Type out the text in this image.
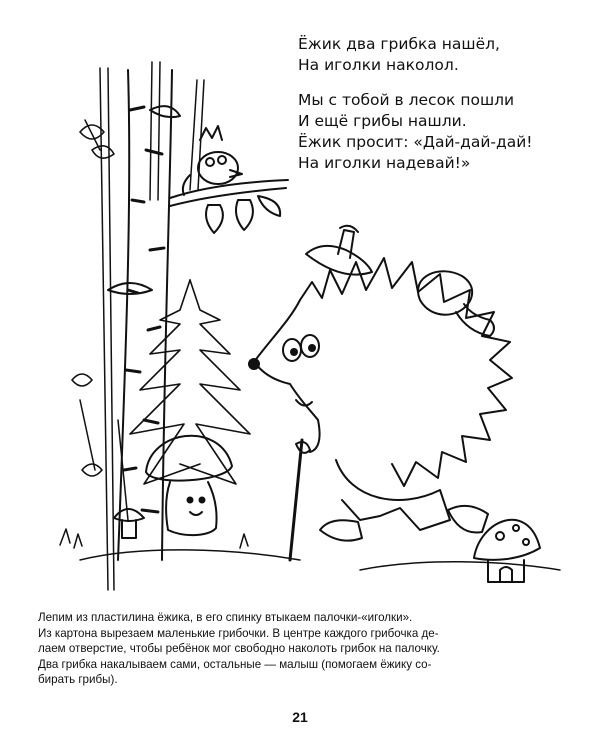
Ёжик два грибка нашёл,
На иголки наколол.
Мы с тобой в лесок пошли
И ещё грибы нашли.
Ёжик просит: «Дай-дай-дай!
На иголки надевай!»
Лепим из пластилина ёжика, в его спинку втыкаем палочки-«иголки».
Из картона вырезаем маленькие грибочки. В центре каждого грибочка де-
лаем отверстие, чтобы ребёнок мог свободно наколоть грибок на палочку.
Два грибка накалываем сами, остальные — малыш (помогаем ёжику со-
бирать грибы).
21
